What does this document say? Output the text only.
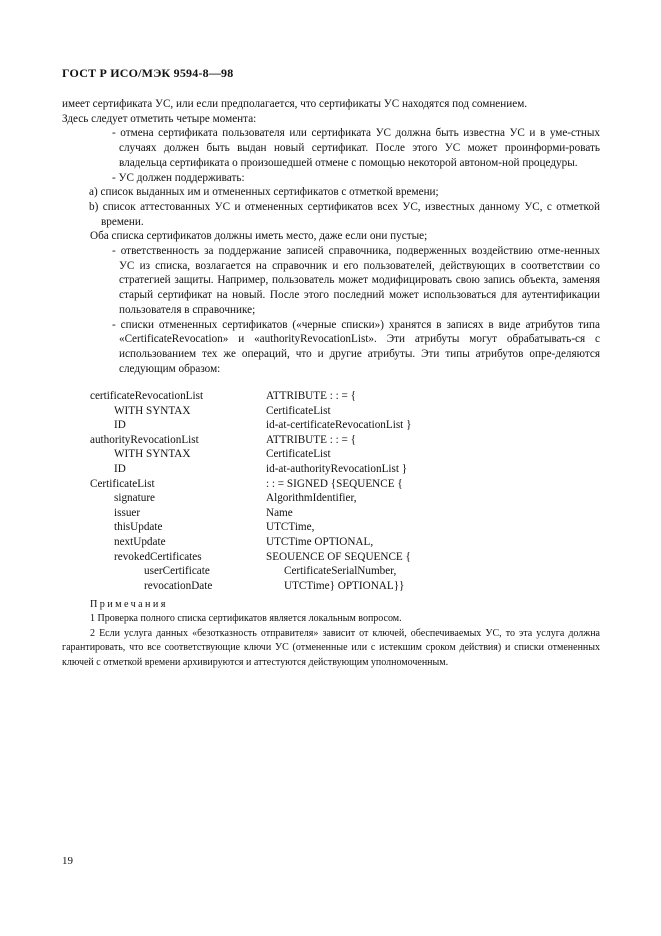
ГОСТ Р ИСО/МЭК 9594-8—98

имеет сертификата УС, или если предполагается, что сертификаты УС находятся под сомнением.

Здесь следует отметить четыре момента:

- отмена сертификата пользователя или сертификата УС должна быть известна УС и в уме-стных случаях должен быть выдан новый сертификат. После этого УС может проинформи-ровать владельца сертификата о произошедшей отмене с помощью некоторой автоном-ной процедуры.

- УС должен поддерживать:

a) список выданных им и отмененных сертификатов с отметкой времени;

b) список аттестованных УС и отмененных сертификатов всех УС, известных данному УС, с отметкой времени.

Оба списка сертификатов должны иметь место, даже если они пустые;

- ответственность за поддержание записей справочника, подверженных воздействию отме-ненных УС из списка, возлагается на справочник и его пользователей, действующих в соответствии со стратегией защиты. Например, пользователь может модифицировать свою запись объекта, заменяя старый сертификат на новый. После этого последний может использоваться для аутентификации пользователя в справочнике;

- списки отмененных сертификатов («черные списки») хранятся в записях в виде атрибутов типа «CertificateRevocation» и «authorityRevocationList». Эти атрибуты могут обрабатывать-ся с использованием тех же операций, что и другие атрибуты. Эти типы атрибутов опре-деляются следующим образом:

certificateRevocationList	ATTRIBUTE : : = {
WITH SYNTAX	CertificateList
ID	id-at-certificateRevocationList }
authorityRevocationList	ATTRIBUTE : : = {
WITH SYNTAX	CertificateList
ID	id-at-authorityRevocationList }
CertificateList	: : = SIGNED {SEQUENCE {
signature	AlgorithmIdentifier,
issuer	Name
thisUpdate	UTCTime,
nextUpdate	UTCTime OPTIONAL,
revokedCertificates	SEOUENCE OF SEQUENCE {
userCertificate	CertificateSerialNumber,
revocationDate	UTCTime} OPTIONAL}}
Примечания

1 Проверка полного списка сертификатов является локальным вопросом.

2 Если услуга данных «безотказность отправителя» зависит от ключей, обеспечиваемых УС, то эта услуга должна гарантировать, что все соответствующие ключи УС (отмененные или с истекшим сроком действия) и списки отмененных ключей с отметкой времени архивируются и аттестуются действующим уполномоченным.

19
